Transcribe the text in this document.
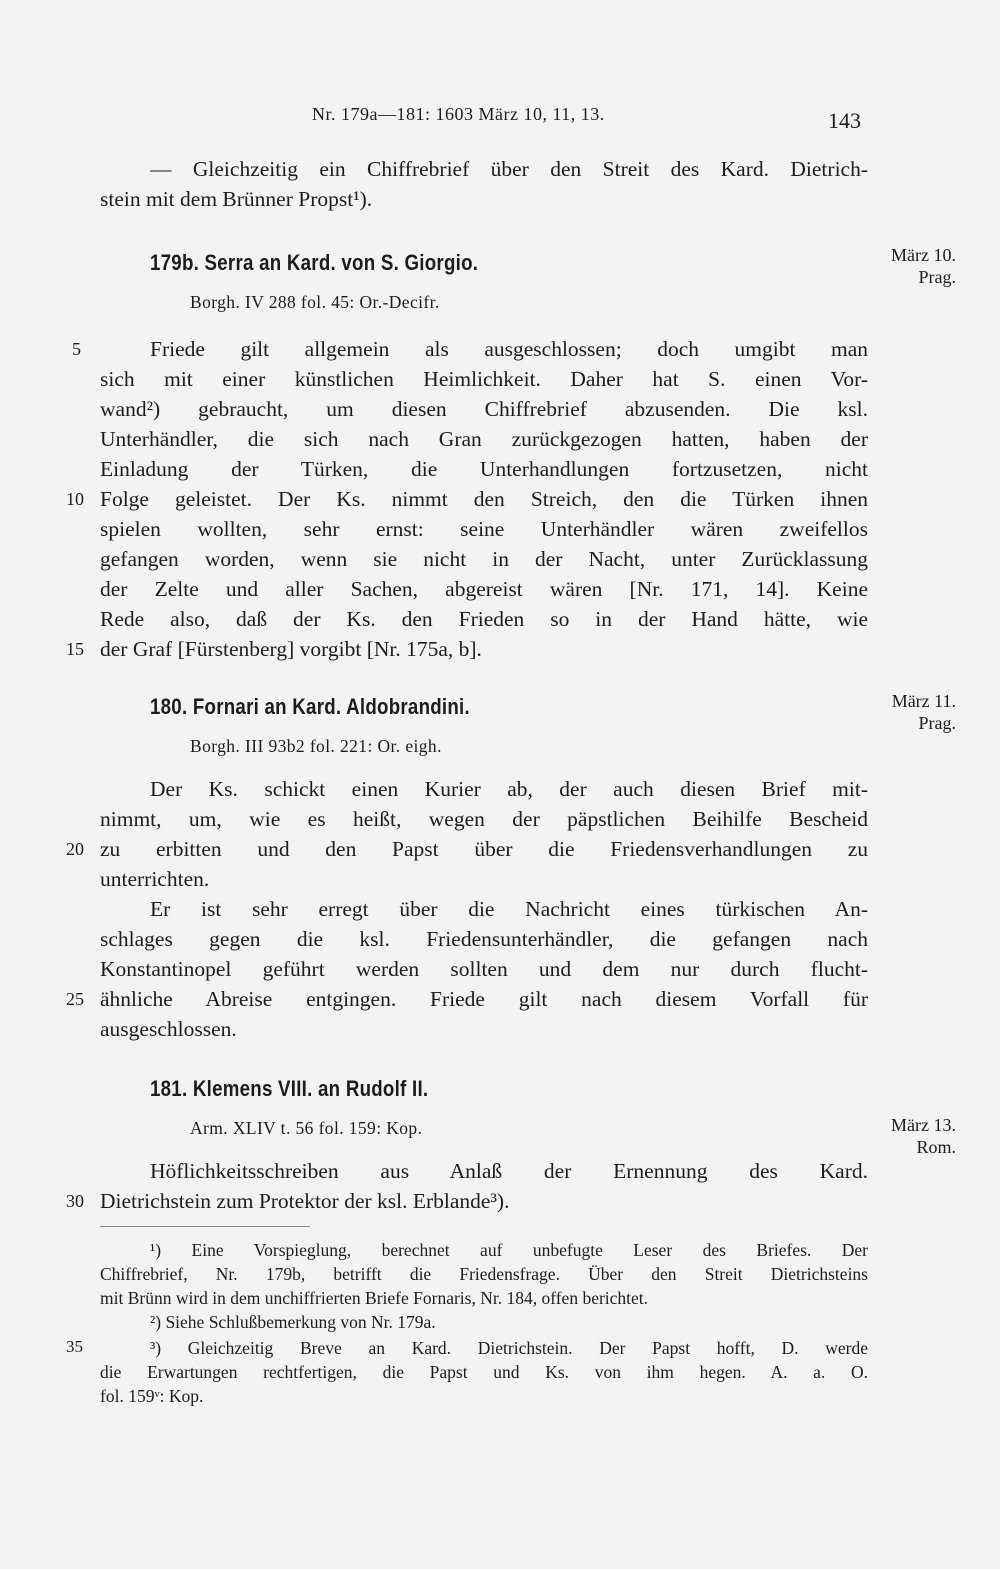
Nr. 179a—181: 1603 März 10, 11, 13.	143
— Gleichzeitig ein Chiffrebrief über den Streit des Kard. Dietrich-
stein mit dem Brünner Propst¹).
179b. Serra an Kard. von S. Giorgio.	März 10.
Prag.
Borgh. IV 288 fol. 45: Or.-Decifr.
5	Friede gilt allgemein als ausgeschlossen; doch umgibt man
sich mit einer künstlichen Heimlichkeit. Daher hat S. einen Vor-
wand²) gebraucht, um diesen Chiffrebrief abzusenden. Die ksl.
Unterhändler, die sich nach Gran zurückgezogen hatten, haben der
Einladung der Türken, die Unterhandlungen fortzusetzen, nicht
10 Folge geleistet. Der Ks. nimmt den Streich, den die Türken ihnen
spielen wollten, sehr ernst: seine Unterhändler wären zweifellos
gefangen worden, wenn sie nicht in der Nacht, unter Zurücklassung
der Zelte und aller Sachen, abgereist wären [Nr. 171, 14]. Keine
Rede also, daß der Ks. den Frieden so in der Hand hätte, wie
15 der Graf [Fürstenberg] vorgibt [Nr. 175a, b].
180. Fornari an Kard. Aldobrandini.	März 11.
Prag.
Borgh. III 93b2 fol. 221: Or. eigh.
Der Ks. schickt einen Kurier ab, der auch diesen Brief mit-
nimmt, um, wie es heißt, wegen der päpstlichen Beihilfe Bescheid
20 zu erbitten und den Papst über die Friedensverhandlungen zu
unterrichten.
Er ist sehr erregt über die Nachricht eines türkischen An-
schlages gegen die ksl. Friedensunterhändler, die gefangen nach
Konstantinopel geführt werden sollten und dem nur durch flucht-
25 ähnliche Abreise entgingen. Friede gilt nach diesem Vorfall für
ausgeschlossen.
181. Klemens VIII. an Rudolf II.
Arm. XLIV t. 56 fol. 159: Kop.	März 13.
Rom.
Höflichkeitsschreiben aus Anlaß der Ernennung des Kard.
30 Dietrichstein zum Protektor der ksl. Erblande³).
¹) Eine Vorspieglung, berechnet auf unbefugte Leser des Briefes. Der
Chiffrebrief, Nr. 179b, betrifft die Friedensfrage. Über den Streit Dietrichsteins
mit Brünn wird in dem unchiffrierten Briefe Fornaris, Nr. 184, offen berichtet.
²) Siehe Schlußbemerkung von Nr. 179a.
35	³) Gleichzeitig Breve an Kard. Dietrichstein. Der Papst hofft, D. werde
die Erwartungen rechtfertigen, die Papst und Ks. von ihm hegen. A. a. O.
fol. 159ᵛ: Kop.
